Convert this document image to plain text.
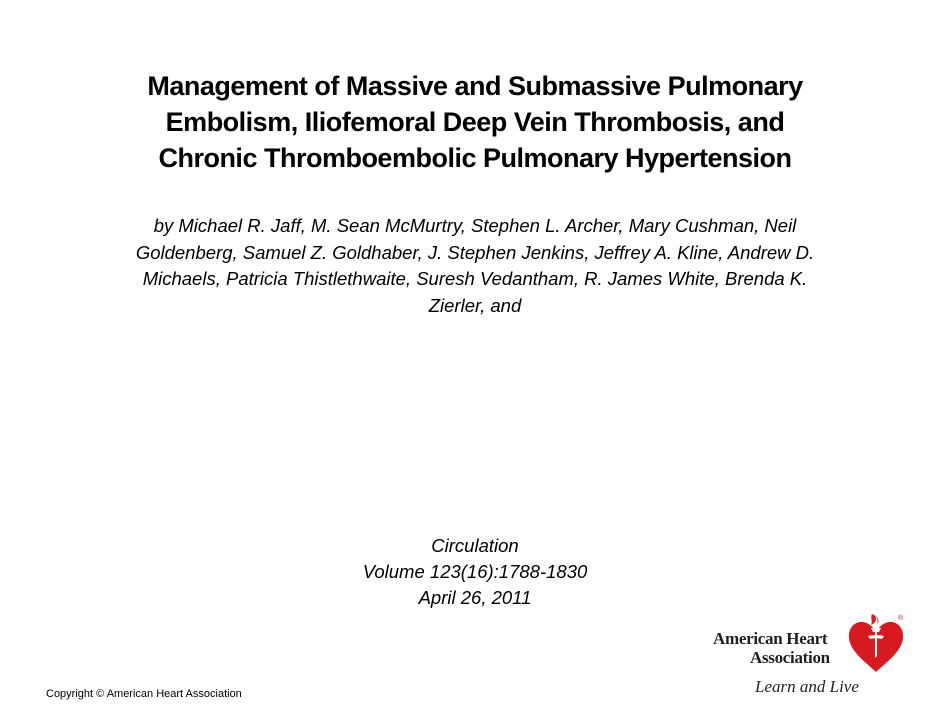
Management of Massive and Submassive Pulmonary
Embolism, Iliofemoral Deep Vein Thrombosis, and
Chronic Thromboembolic Pulmonary Hypertension

by Michael R. Jaff, M. Sean McMurtry, Stephen L. Archer, Mary Cushman, Neil
Goldenberg, Samuel Z. Goldhaber, J. Stephen Jenkins, Jeffrey A. Kline, Andrew D.
Michaels, Patricia Thistlethwaite, Suresh Vedantham, R. James White, Brenda K.
Zierler, and

Circulation
Volume 123(16):1788-1830
April 26, 2011
Copyright © American Heart Association
American Heart
Association
Learn and Live
®
